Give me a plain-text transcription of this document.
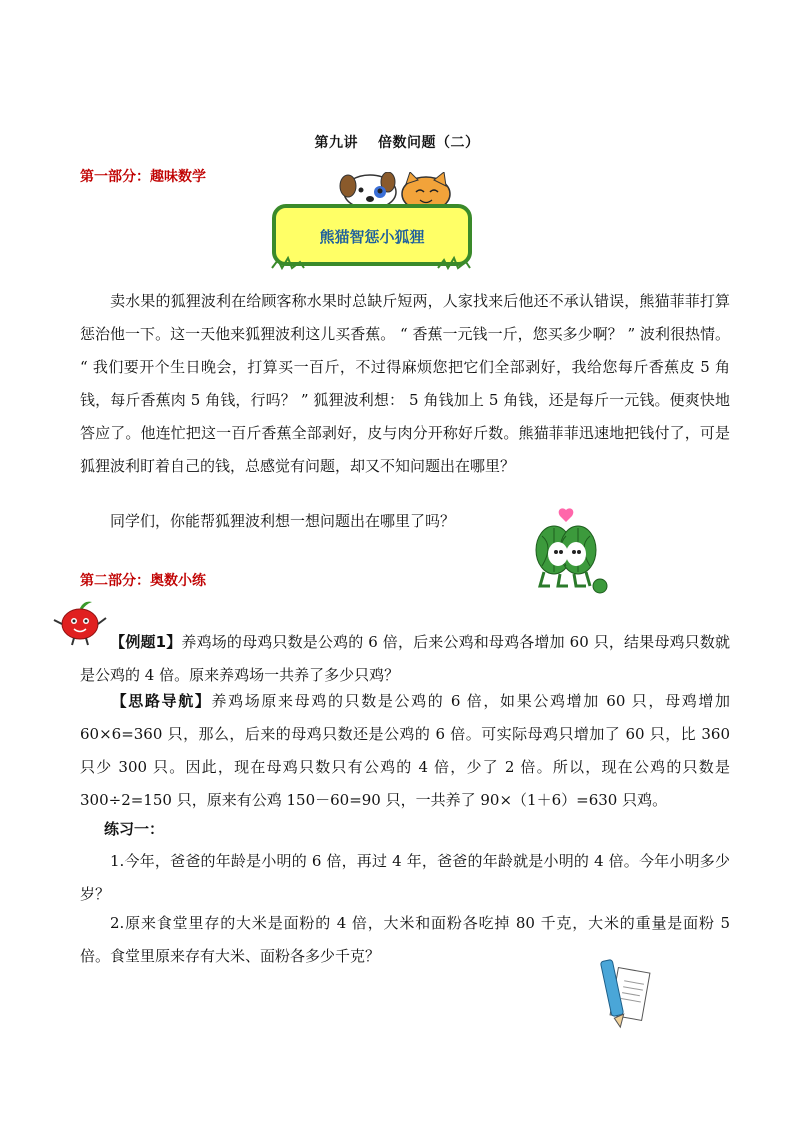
第九讲 倍数问题（二）
第一部分：趣味数学
熊猫智惩小狐狸

卖水果的狐狸波利在给顾客称水果时总缺斤短两，人家找来后他还不承认错误，熊猫菲菲打算惩治他一下。这一天他来狐狸波利这儿买香蕉。 “ 香蕉一元钱一斤，您买多少啊？ ” 波利很热情。 “ 我们要开个生日晚会，打算买一百斤，不过得麻烦您把它们全部剥好，我给您每斤香蕉皮 5 角钱，每斤香蕉肉 5 角钱，行吗？ ” 狐狸波利想： 5 角钱加上 5 角钱，还是每斤一元钱。便爽快地答应了。他连忙把这一百斤香蕉全部剥好，皮与肉分开称好斤数。熊猫菲菲迅速地把钱付了，可是狐狸波利盯着自己的钱，总感觉有问题，却又不知问题出在哪里？

同学们，你能帮狐狸波利想一想问题出在哪里了吗？

第二部分：奥数小练

【例题1】养鸡场的母鸡只数是公鸡的 6 倍，后来公鸡和母鸡各增加 60 只，结果母鸡只数就是公鸡的 4 倍。原来养鸡场一共养了多少只鸡？

【思路导航】养鸡场原来母鸡的只数是公鸡的 6 倍，如果公鸡增加 60 只，母鸡增加 60×6=360 只，那么，后来的母鸡只数还是公鸡的 6 倍。可实际母鸡只增加了 60 只，比 360 只少 300 只。因此，现在母鸡只数只有公鸡的 4 倍，少了 2 倍。所以，现在公鸡的只数是 300÷2=150 只，原来有公鸡 150－60=90 只，一共养了 90×（1＋6）=630 只鸡。

练习一：

1.今年，爸爸的年龄是小明的 6 倍，再过 4 年，爸爸的年龄就是小明的 4 倍。今年小明多少岁？

2.原来食堂里存的大米是面粉的 4 倍，大米和面粉各吃掉 80 千克，大米的重量是面粉 5 倍。食堂里原来存有大米、面粉各多少千克？
